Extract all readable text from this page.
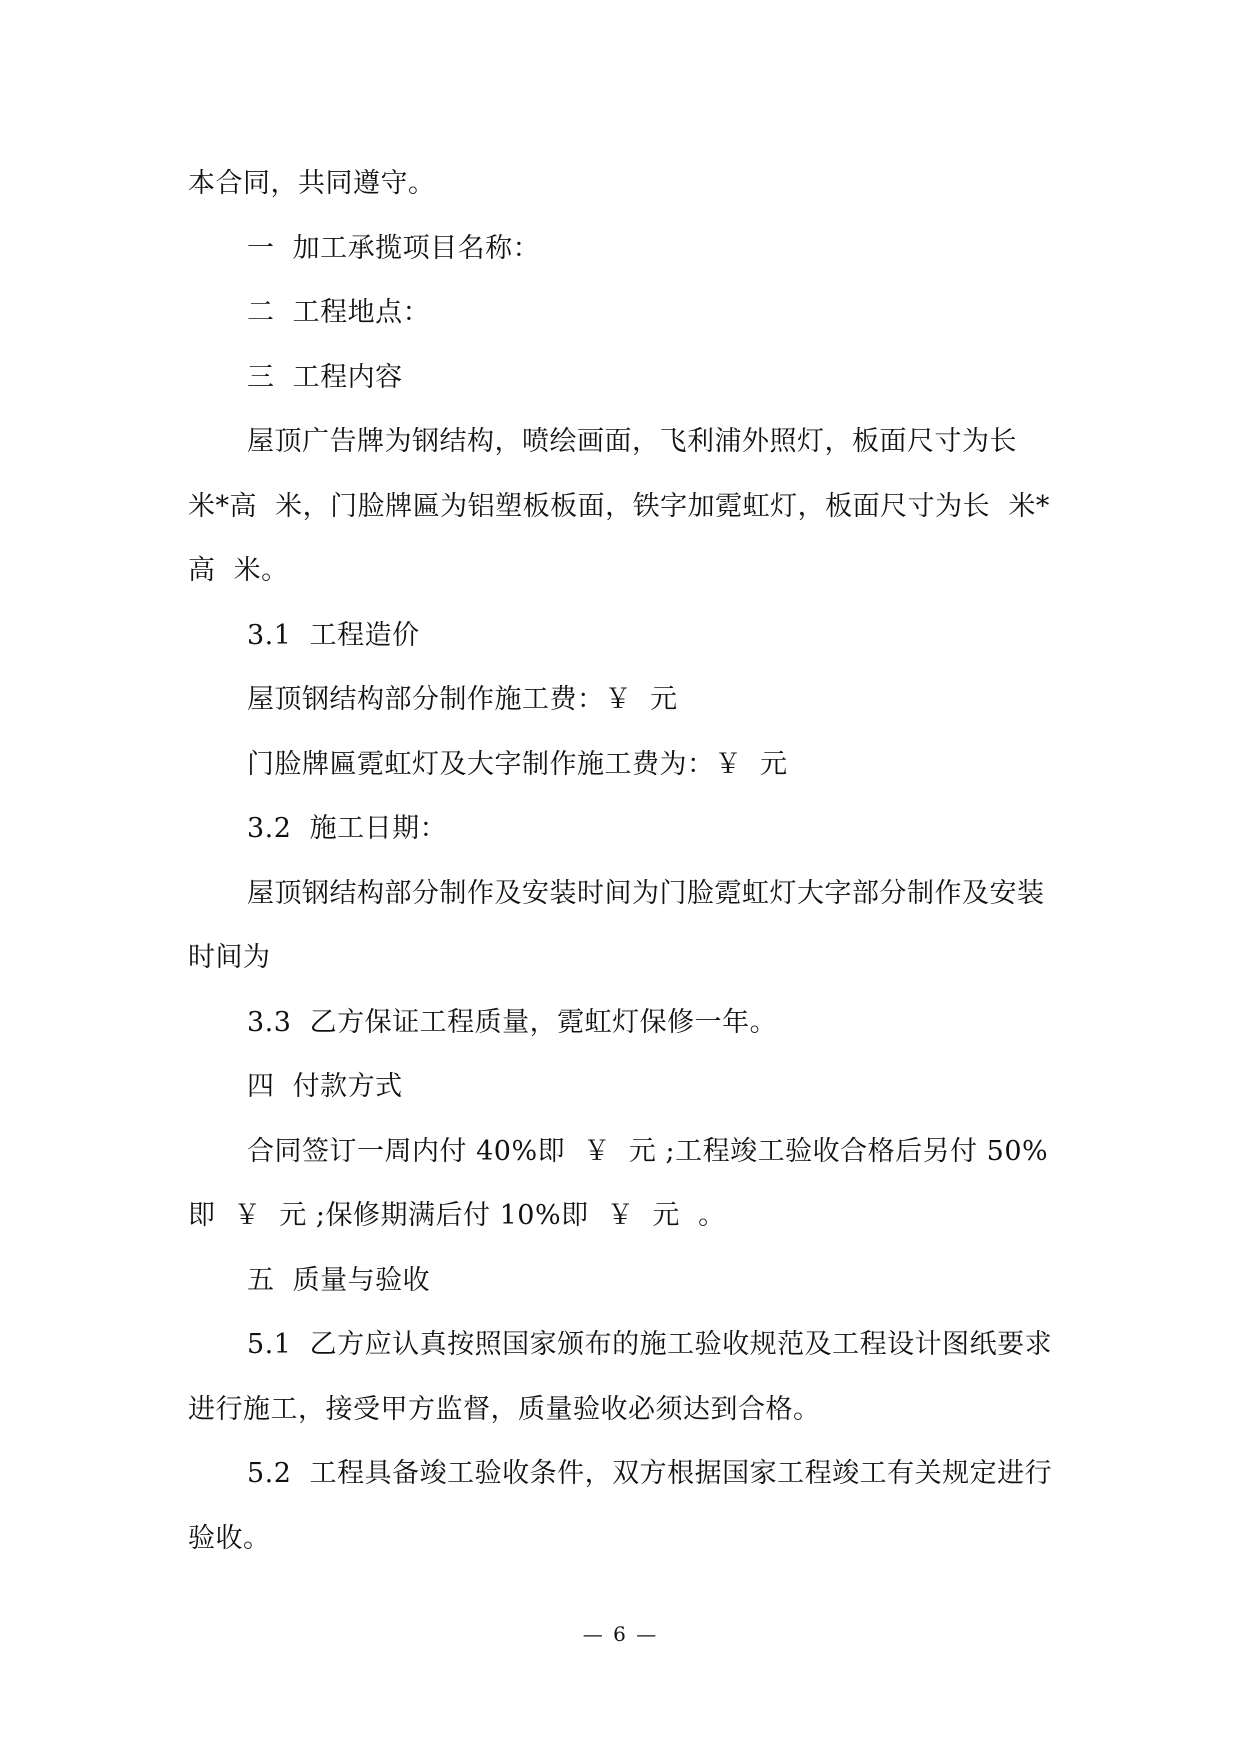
本合同，共同遵守。

一  加工承揽项目名称：

二  工程地点：

三  工程内容

屋顶广告牌为钢结构，喷绘画面，飞利浦外照灯，板面尺寸为长  米*高  米，门脸牌匾为铝塑板板面，铁字加霓虹灯，板面尺寸为长  米*高  米。

3.1  工程造价

屋顶钢结构部分制作施工费：￥  元

门脸牌匾霓虹灯及大字制作施工费为：￥  元

3.2  施工日期：

屋顶钢结构部分制作及安装时间为门脸霓虹灯大字部分制作及安装时间为

3.3  乙方保证工程质量，霓虹灯保修一年。

四  付款方式

合同签订一周内付 40%即  ￥  元 ;工程竣工验收合格后另付 50%即  ￥  元 ;保修期满后付 10%即  ￥  元  。

五  质量与验收

5.1  乙方应认真按照国家颁布的施工验收规范及工程设计图纸要求进行施工，接受甲方监督，质量验收必须达到合格。

5.2  工程具备竣工验收条件，双方根据国家工程竣工有关规定进行验收。

— 6 —
